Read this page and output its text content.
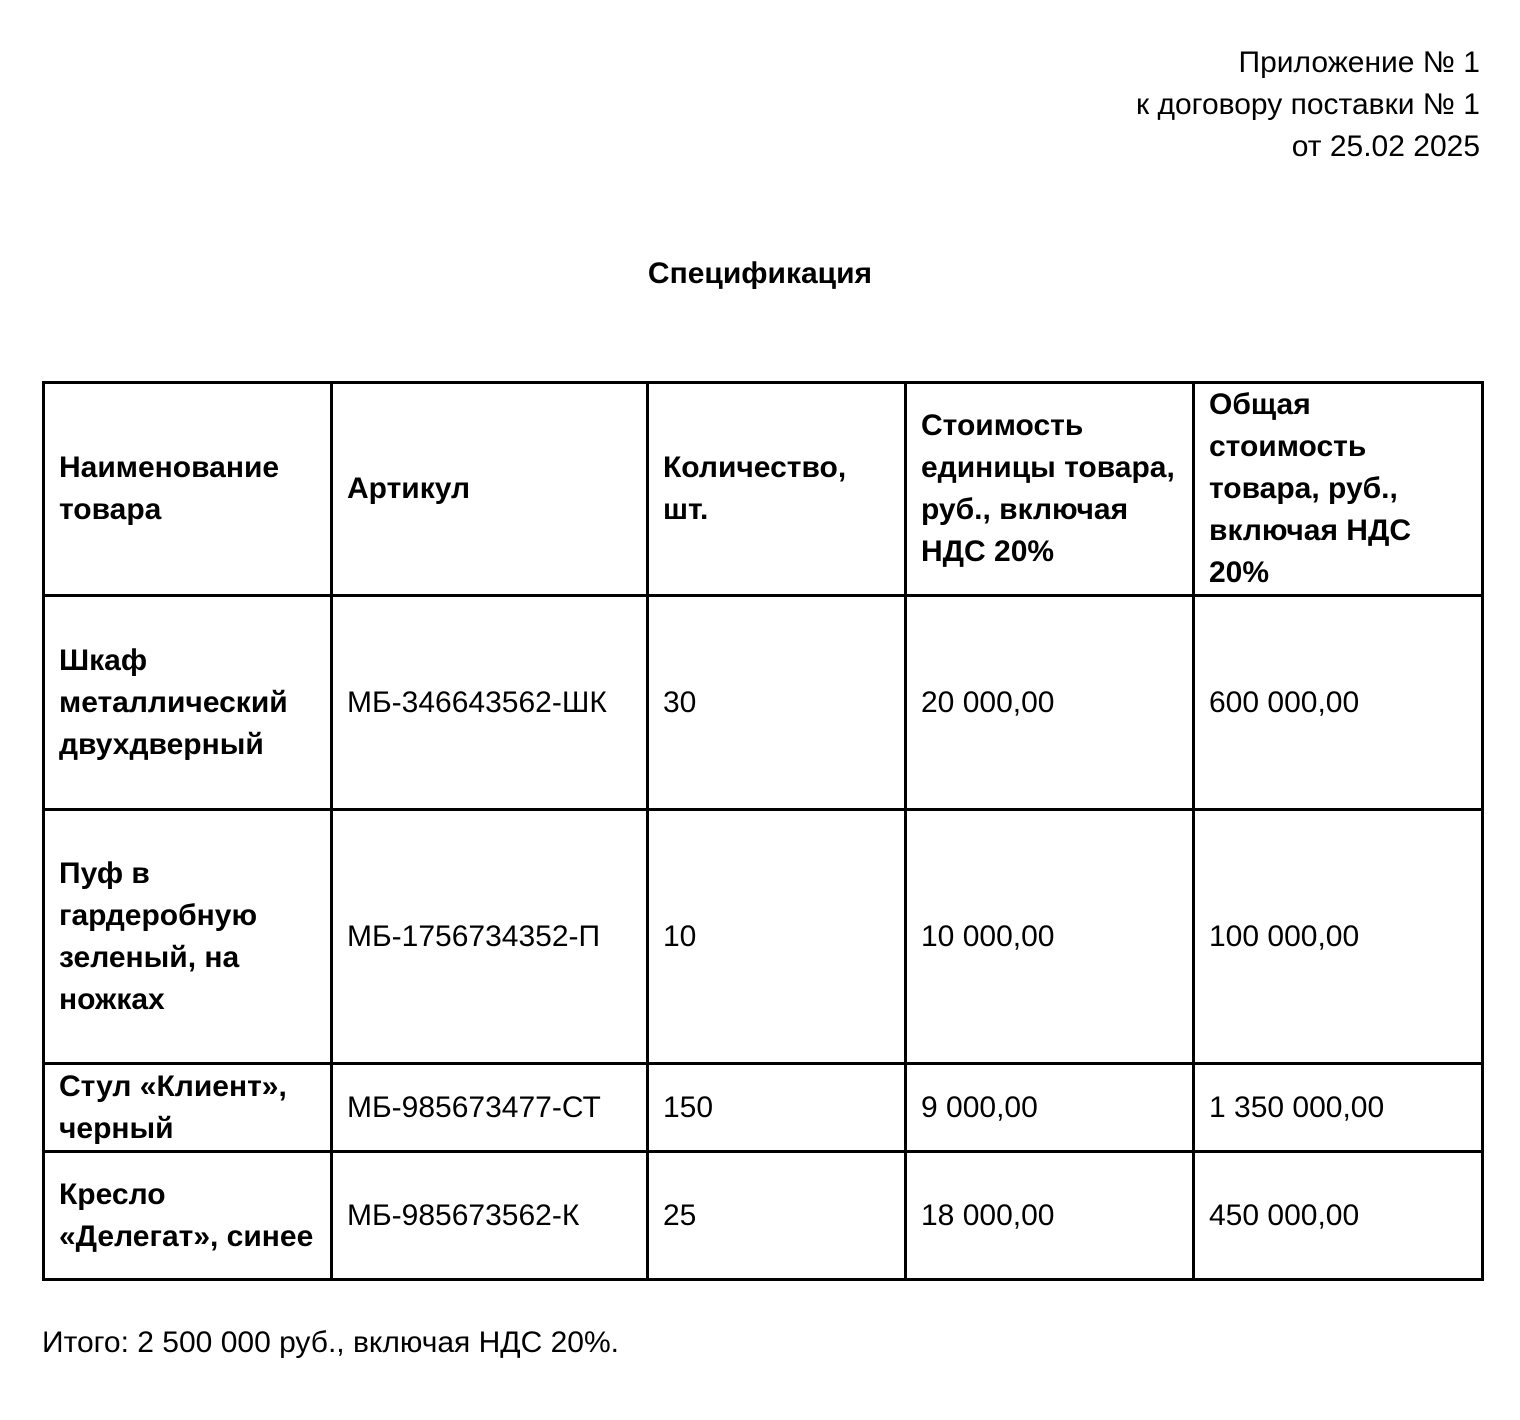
Приложение № 1
к договору поставки № 1
от 25.02 2025
Спецификация
Наименование товара	Артикул	Количество, шт.	Стоимость единицы товара, руб., включая НДС 20%	Общая стоимость товара, руб., включая НДС 20%
Шкаф металлический двухдверный	МБ-346643562-ШК	30	20 000,00	600 000,00
Пуф в гардеробную зеленый, на ножках	МБ-1756734352-П	10	10 000,00	100 000,00
Стул «Клиент», черный	МБ-985673477-СТ	150	9 000,00	1 350 000,00
Кресло «Делегат», синее	МБ-985673562-К	25	18 000,00	450 000,00
Итого: 2 500 000 руб., включая НДС 20%.
